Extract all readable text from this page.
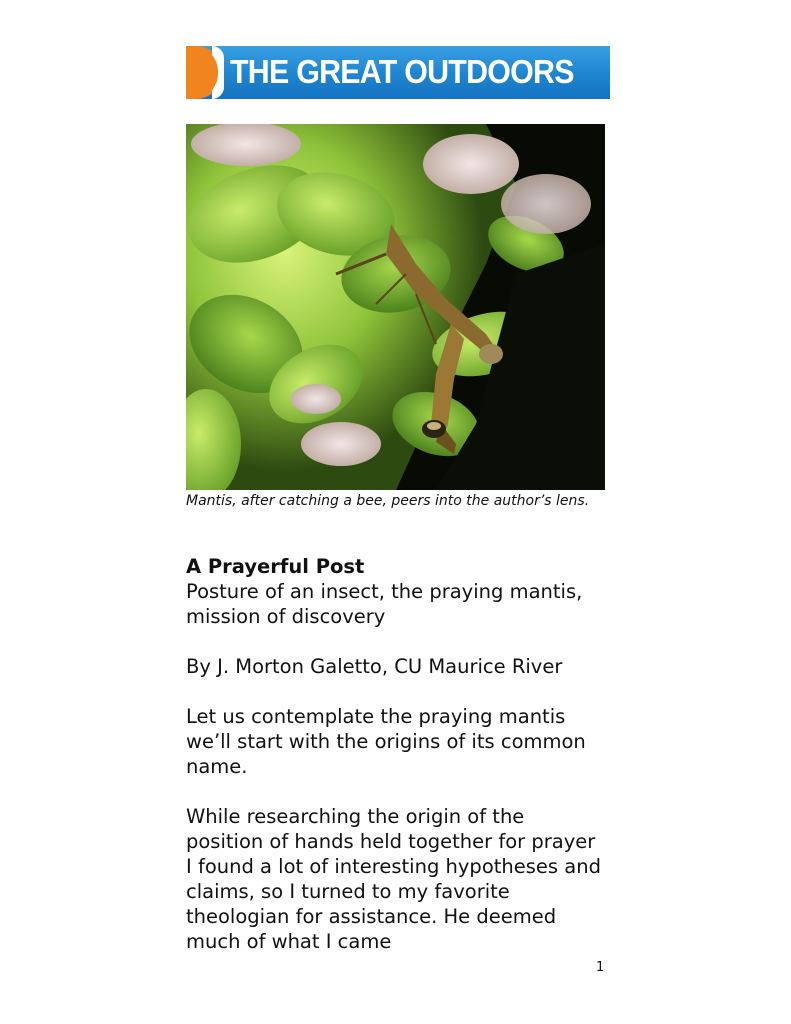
THE GREAT OUTDOORS
Mantis, after catching a bee, peers into the author’s lens.

A Prayerful Post

Posture of an insect, the praying mantis, mission of discovery

By J. Morton Galetto, CU Maurice River

Let us contemplate the praying mantis we’ll start with the origins of its common name.

While researching the origin of the position of hands held together for prayer I found a lot of interesting hypotheses and claims, so I turned to my favorite theologian for assistance. He deemed much of what I came

1
